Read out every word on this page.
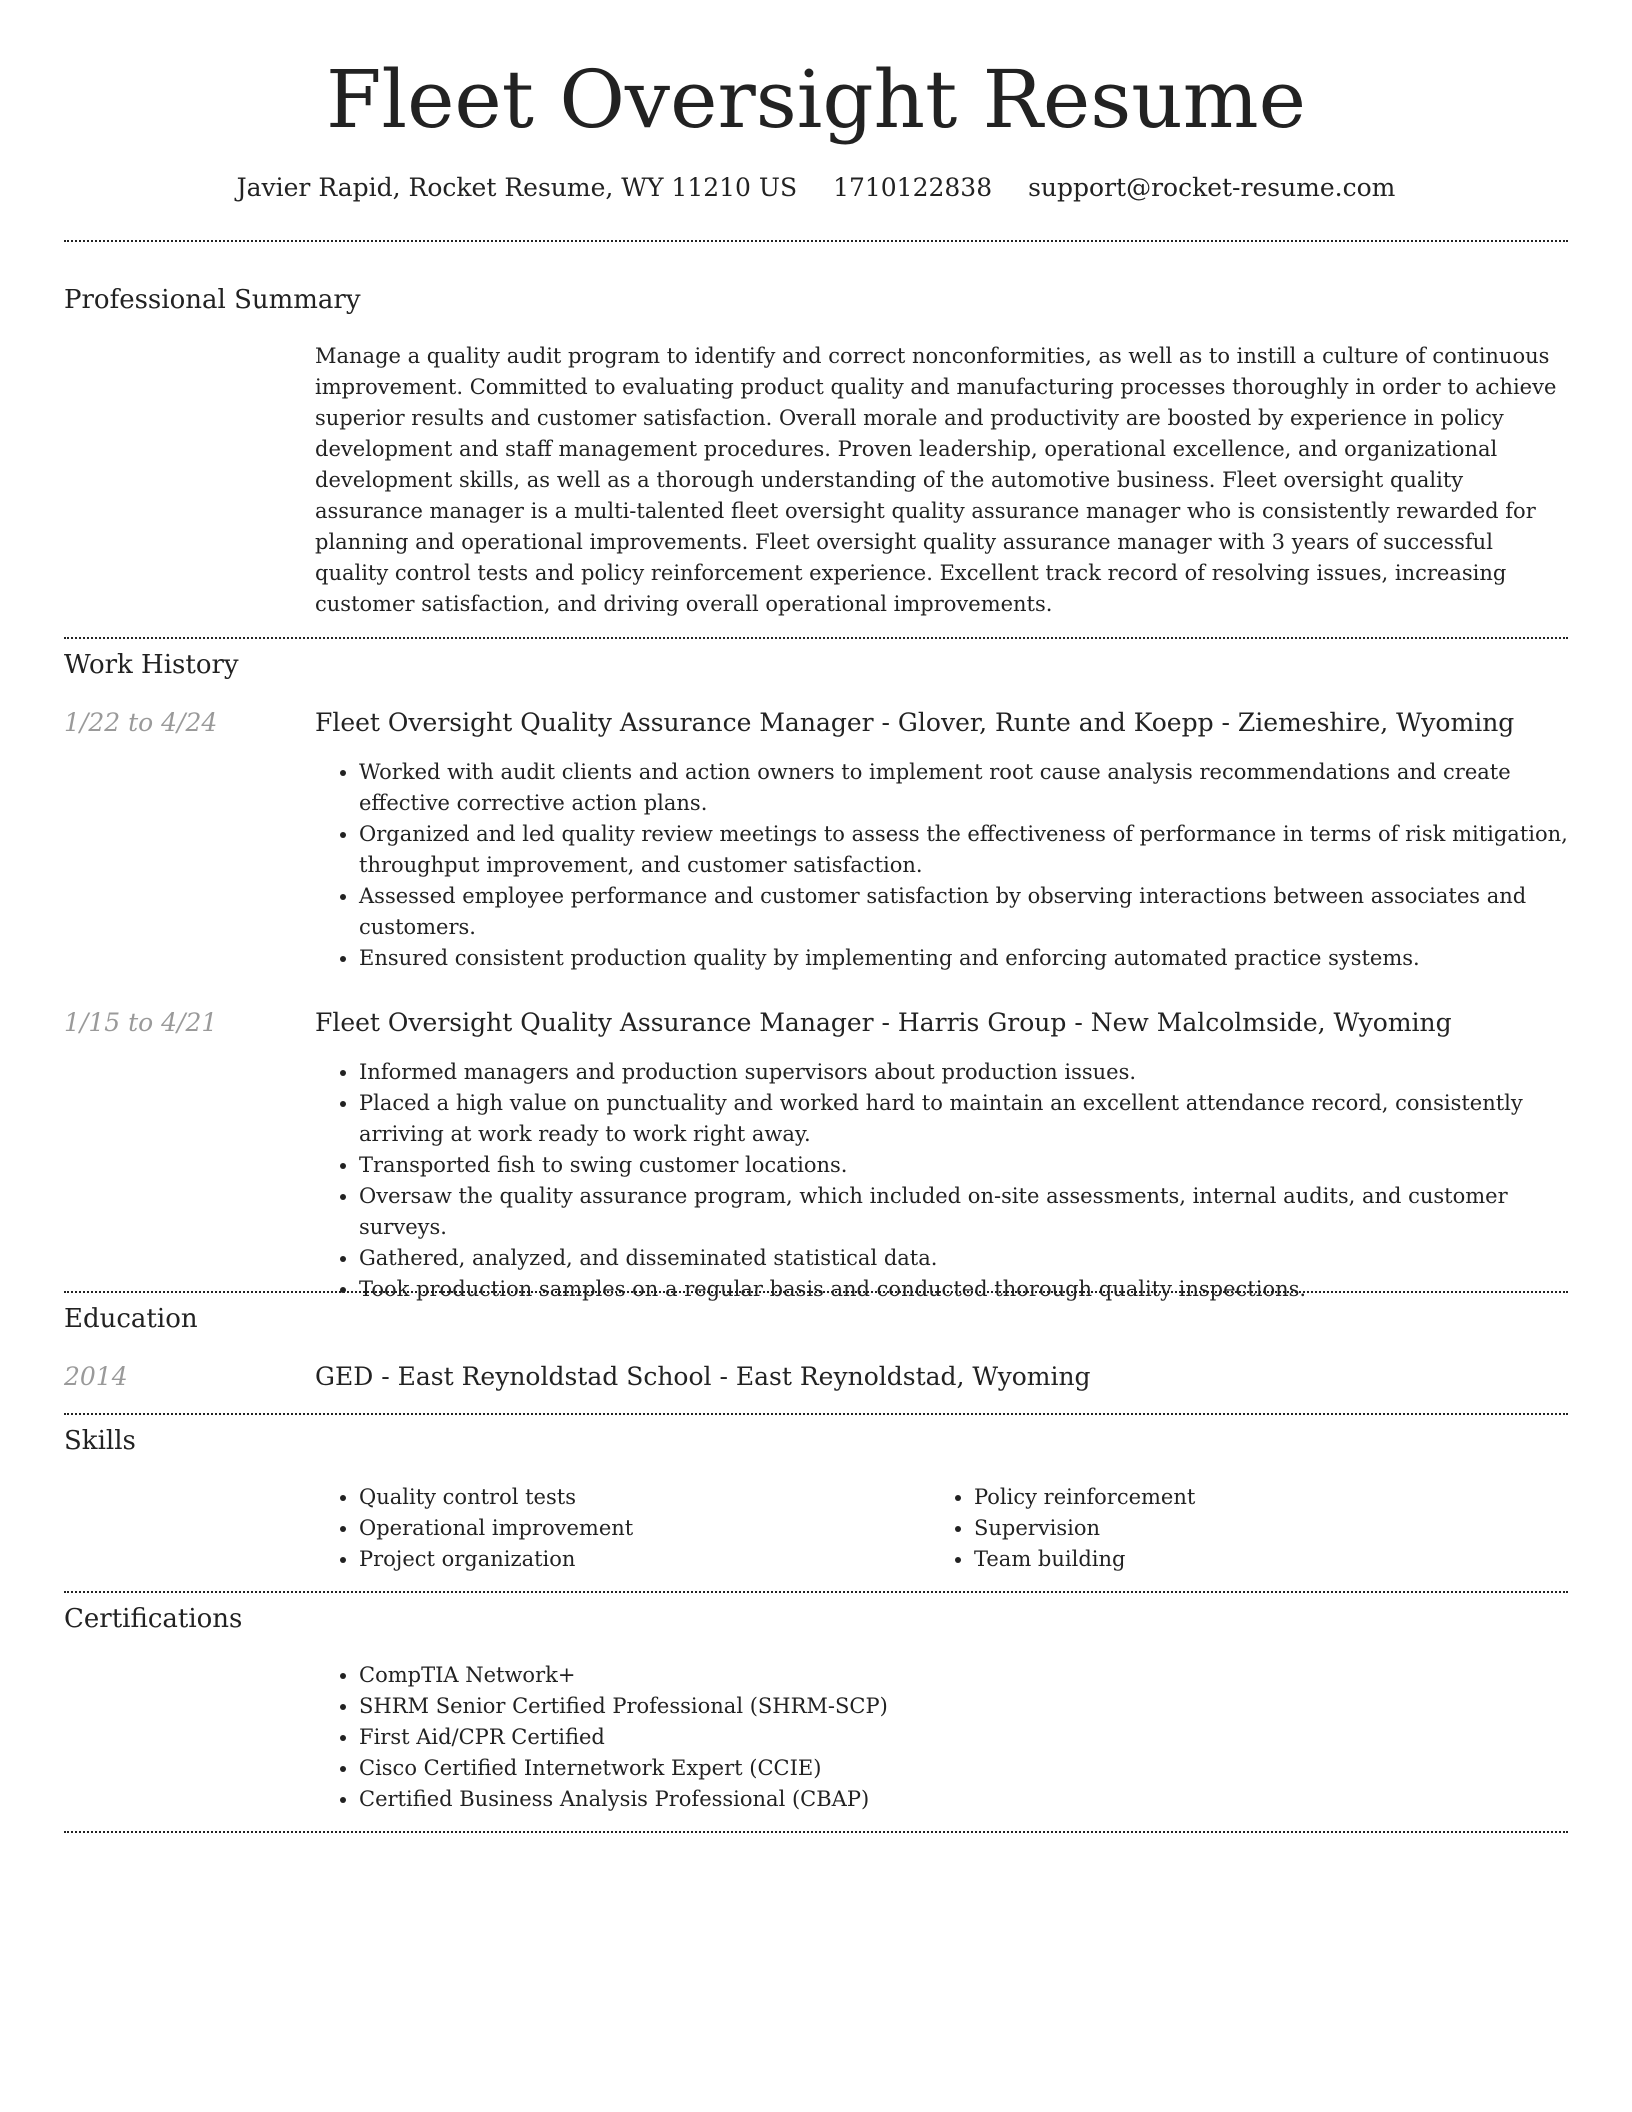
Fleet Oversight Resume
Javier Rapid, Rocket Resume, WY 11210 US 1710122838 support@rocket-resume.com
Professional Summary

Manage a quality audit program to identify and correct nonconformities, as well as to instill a culture of continuous improvement. Committed to evaluating product quality and manufacturing processes thoroughly in order to achieve superior results and customer satisfaction. Overall morale and productivity are boosted by experience in policy development and staff management procedures. Proven leadership, operational excellence, and organizational development skills, as well as a thorough understanding of the automotive business. Fleet oversight quality assurance manager is a multi-talented fleet oversight quality assurance manager who is consistently rewarded for planning and operational improvements. Fleet oversight quality assurance manager with 3 years of successful quality control tests and policy reinforcement experience. Excellent track record of resolving issues, increasing customer satisfaction, and driving overall operational improvements.

Work History
1/22 to 4/24	Fleet Oversight Quality Assurance Manager - Glover, Runte and Koepp - Ziemeshire, Wyoming
• Worked with audit clients and action owners to implement root cause analysis recommendations and create effective corrective action plans.
• Organized and led quality review meetings to assess the effectiveness of performance in terms of risk mitigation, throughput improvement, and customer satisfaction.
• Assessed employee performance and customer satisfaction by observing interactions between associates and customers.
• Ensured consistent production quality by implementing and enforcing automated practice systems.
1/15 to 4/21	Fleet Oversight Quality Assurance Manager - Harris Group - New Malcolmside, Wyoming
• Informed managers and production supervisors about production issues.
• Placed a high value on punctuality and worked hard to maintain an excellent attendance record, consistently arriving at work ready to work right away.
• Transported fish to swing customer locations.
• Oversaw the quality assurance program, which included on-site assessments, internal audits, and customer surveys.
• Gathered, analyzed, and disseminated statistical data.
• Took production samples on a regular basis and conducted thorough quality inspections.
Education
2014	GED - East Reynoldstad School - East Reynoldstad, Wyoming
Skills
• Quality control tests
• Operational improvement
• Project organization
• Policy reinforcement
• Supervision
• Team building
Certifications
• CompTIA Network+
• SHRM Senior Certified Professional (SHRM-SCP)
• First Aid/CPR Certified
• Cisco Certified Internetwork Expert (CCIE)
• Certified Business Analysis Professional (CBAP)
